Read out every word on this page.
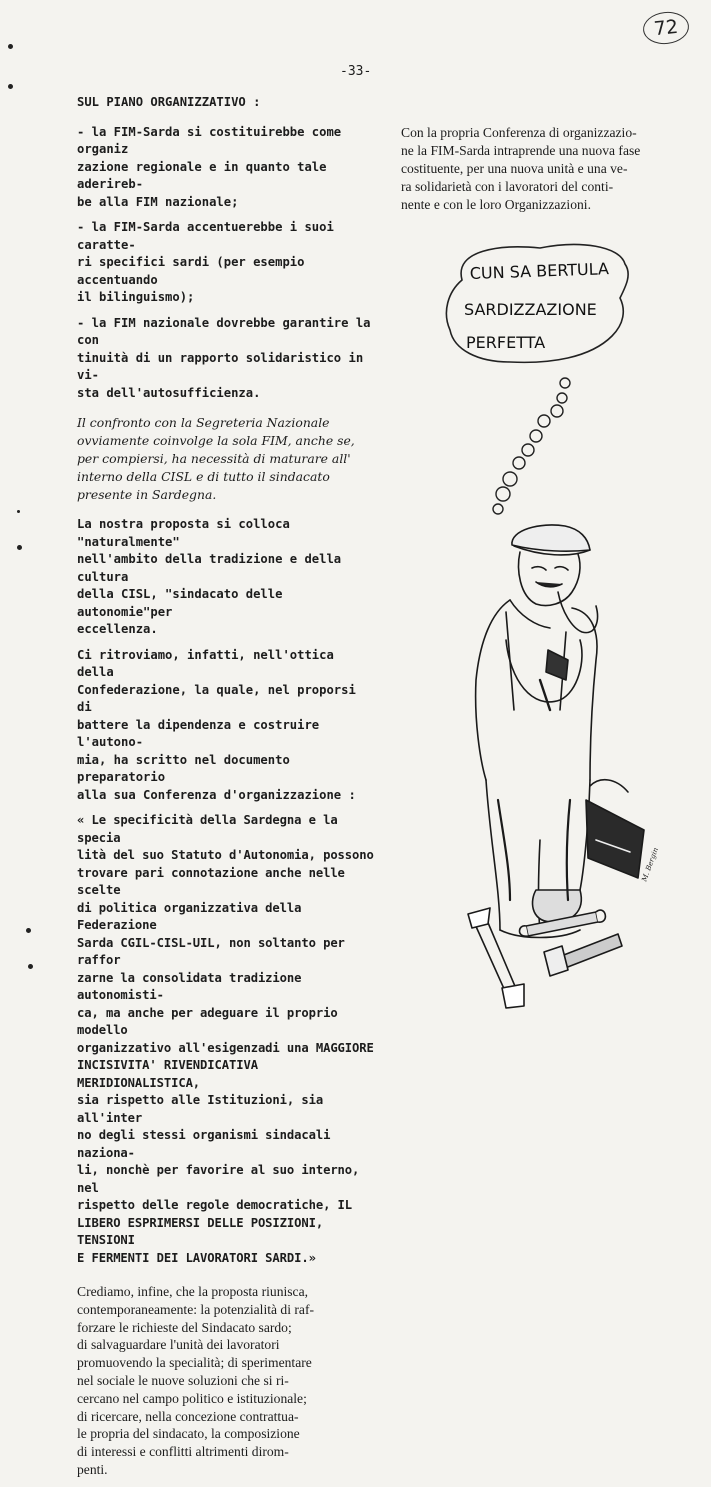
72
-33-

SUL PIANO ORGANIZZATIVO :

- la FIM-Sarda si costituirebbe come organiz
zazione regionale e in quanto tale aderireb-
be alla FIM nazionale;

- la FIM-Sarda accentuerebbe i suoi caratte-
ri specifici sardi (per esempio accentuando
il bilinguismo);

- la FIM nazionale dovrebbe garantire la con
tinuità di un rapporto solidaristico in vi-
sta dell'autosufficienza.

Il confronto con la Segreteria Nazionale
ovviamente coinvolge la sola FIM, anche se,
per compiersi, ha necessità di maturare all'
interno della CISL e di tutto il sindacato
presente in Sardegna.

La nostra proposta si colloca "naturalmente"
nell'ambito della tradizione e della cultura
della CISL, "sindacato delle autonomie"per
eccellenza.

Ci ritroviamo, infatti, nell'ottica della
Confederazione, la quale, nel proporsi di
battere la dipendenza e costruire l'autono-
mia, ha scritto nel documento preparatorio
alla sua Conferenza d'organizzazione :

« Le specificità della Sardegna e la specia
lità del suo Statuto d'Autonomia, possono
trovare pari connotazione anche nelle scelte
di politica organizzativa della Federazione
Sarda CGIL-CISL-UIL, non soltanto per raffor
zarne la consolidata tradizione autonomisti-
ca, ma anche per adeguare il proprio modello
organizzativo all'esigenzadi una MAGGIORE
INCISIVITA' RIVENDICATIVA MERIDIONALISTICA,
sia rispetto alle Istituzioni, sia all'inter
no degli stessi organismi sindacali naziona-
li, nonchè per favorire al suo interno, nel
rispetto delle regole democratiche, IL
LIBERO ESPRIMERSI DELLE POSIZIONI, TENSIONI
E FERMENTI DEI LAVORATORI SARDI.»

Crediamo, infine, che la proposta riunisca,
contemporaneamente: la potenzialità di raf-
forzare le richieste del Sindacato sardo;
di salvaguardare l'unità dei lavoratori
promuovendo la specialità; di sperimentare
nel sociale le nuove soluzioni che si ri-
cercano nel campo politico e istituzionale;
di ricercare, nella concezione contrattua-
le propria del sindacato, la composizione
di interessi e conflitti altrimenti dirom-
penti.

Con la propria Conferenza di organizzazio-
ne la FIM-Sarda intraprende una nuova fase
costituente, per una nuova unità e una ve-
ra solidarietà con i lavoratori del conti-
nente e con le loro Organizzazioni.
CUN SA BERTULA
SARDIZZAZIONE
PERFETTA
M. Bergin
